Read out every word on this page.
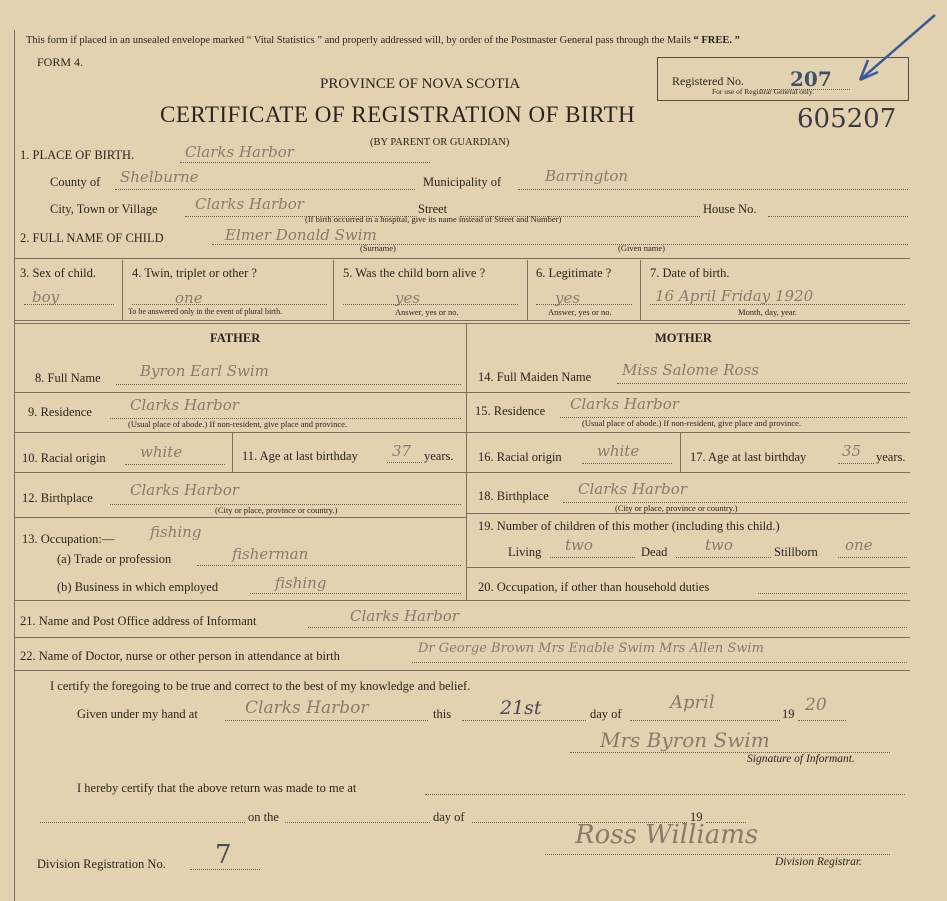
This form if placed in an unsealed envelope marked “ Vital Statistics ” and properly addressed will, by order of the Postmaster General pass through the Mails “ FREE. ”
FORM 4.
PROVINCE OF NOVA SCOTIA
CERTIFICATE OF REGISTRATION OF BIRTH
(BY PARENT OR GUARDIAN)
Registered No. 207
For use of Registrar General only.
605207
1. PLACE OF BIRTH.	Clarks Harbor
County of Shelburne	Municipality of	Barrington
City, Town or Village Clarks Harbor	Street	House No.
(If birth occurred in a hospital, give its name instead of Street and Number)
2. FULL NAME OF CHILD	Elmer Donald Swim
(Surname)	(Given name)
3. Sex of child.
boy
4. Twin, triplet or other ?
one
To be answered only in the event of plural birth.
5. Was the child born alive ?
yes
Answer, yes or no.
6. Legitimate ?
yes
Answer, yes or no.
7. Date of birth.
16 April Friday 1920
Month, day, year.
FATHER	MOTHER
8. Full Name	Byron Earl Swim
9. Residence	Clarks Harbor
(Usual place of abode.) If non-resident, give place and province.
10. Racial origin white	11. Age at last birthday 37 years.
12. Birthplace Clarks Harbor
(City or place, province or country.)
13. Occupation:— fishing
(a) Trade or profession	fisherman
(b) Business in which employed	fishing
14. Full Maiden Name Miss Salome Ross
15. Residence Clarks Harbor
(Usual place of abode.) If non-resident, give place and province.
16. Racial origin white	17. Age at last birthday 35 years.
18. Birthplace Clarks Harbor
(City or place, province or country.)
19. Number of children of this mother (including this child.)
Living two	Dead	two	Stillborn one
20. Occupation, if other than household duties
21. Name and Post Office address of Informant	Clarks Harbor
22. Name of Doctor, nurse or other person in attendance at birth	Dr George Brown Mrs Enable Swim Mrs Allen Swim
I certify the foregoing to be true and correct to the best of my knowledge and belief.
Given under my hand at	Clarks Harbor	this	21st	day of
April
19 20
Mrs Byron Swim
Signature of Informant.
I hereby certify that the above return was made to me at
on the	day of	19
Division Registration No. 7
Ross Williams
Division Registrar.
